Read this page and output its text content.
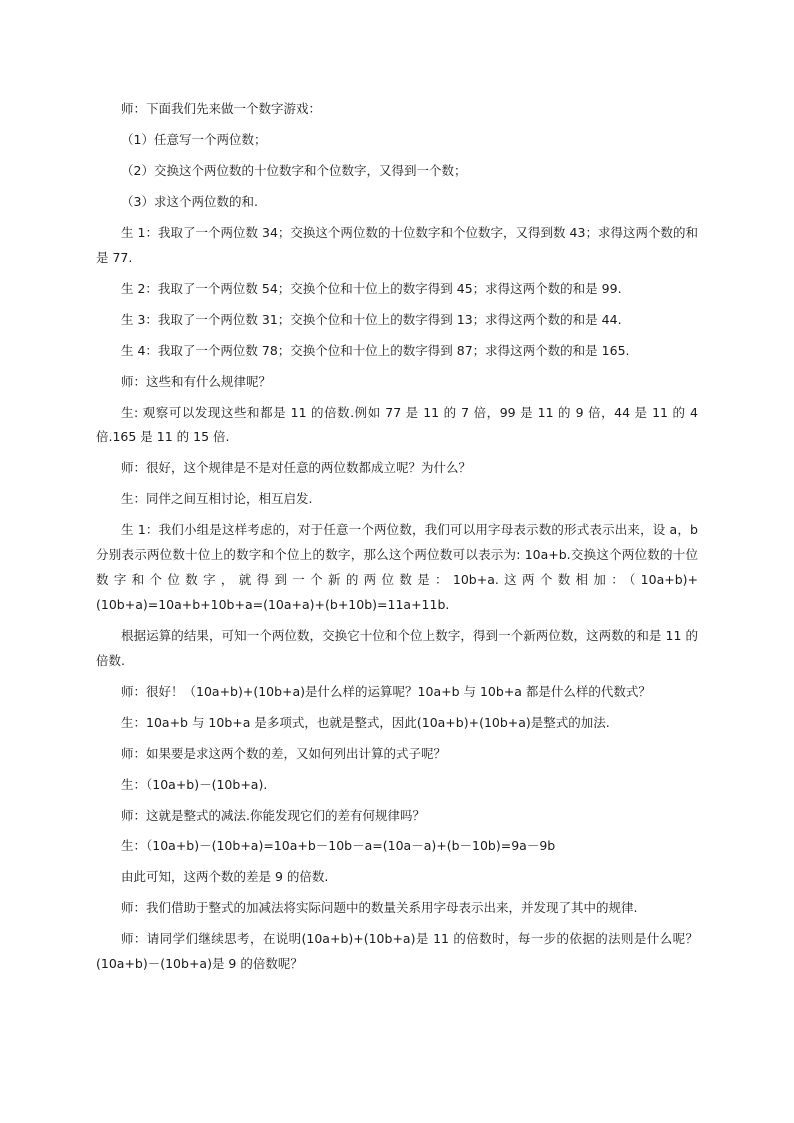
师：下面我们先来做一个数字游戏：

（1）任意写一个两位数；

（2）交换这个两位数的十位数字和个位数字，又得到一个数；

（3）求这个两位数的和.

生 1：我取了一个两位数 34；交换这个两位数的十位数字和个位数字，又得到数 43；求得这两个数的和是 77.

生 2：我取了一个两位数 54；交换个位和十位上的数字得到 45；求得这两个数的和是 99.

生 3：我取了一个两位数 31；交换个位和十位上的数字得到 13；求得这两个数的和是 44.

生 4：我取了一个两位数 78；交换个位和十位上的数字得到 87；求得这两个数的和是 165.

师：这些和有什么规律呢？

生: 观察可以发现这些和都是 11 的倍数.例如 77 是 11 的 7 倍，99 是 11 的 9 倍，44 是 11 的 4 倍.165 是 11 的 15 倍.

师：很好，这个规律是不是对任意的两位数都成立呢？为什么？

生：同伴之间互相讨论，相互启发.

生 1：我们小组是这样考虑的，对于任意一个两位数，我们可以用字母表示数的形式表示出来，设 a，b 分别表示两位数十位上的数字和个位上的数字，那么这个两位数可以表示为: 10a+b.交换这个两位数的十位数字和个位数字，就得到一个新的两位数是：10b+a.这两个数相加：（10a+b)+(10b+a)=10a+b+10b+a=(10a+a)+(b+10b)=11a+11b.

根据运算的结果，可知一个两位数，交换它十位和个位上数字，得到一个新两位数，这两数的和是 11 的倍数.

师：很好！（10a+b)+(10b+a)是什么样的运算呢？10a+b 与 10b+a 都是什么样的代数式？

生：10a+b 与 10b+a 是多项式，也就是整式，因此(10a+b)+(10b+a)是整式的加法.

师：如果要是求这两个数的差，又如何列出计算的式子呢？

生：（10a+b)－(10b+a).

师：这就是整式的减法.你能发现它们的差有何规律吗？

生：（10a+b)－(10b+a)=10a+b－10b－a=(10a－a)+(b－10b)=9a－9b

由此可知，这两个数的差是 9 的倍数.

师：我们借助于整式的加减法将实际问题中的数量关系用字母表示出来，并发现了其中的规律.

师：请同学们继续思考，在说明(10a+b)+(10b+a)是 11 的倍数时，每一步的依据的法则是什么呢？(10a+b)－(10b+a)是 9 的倍数呢？
